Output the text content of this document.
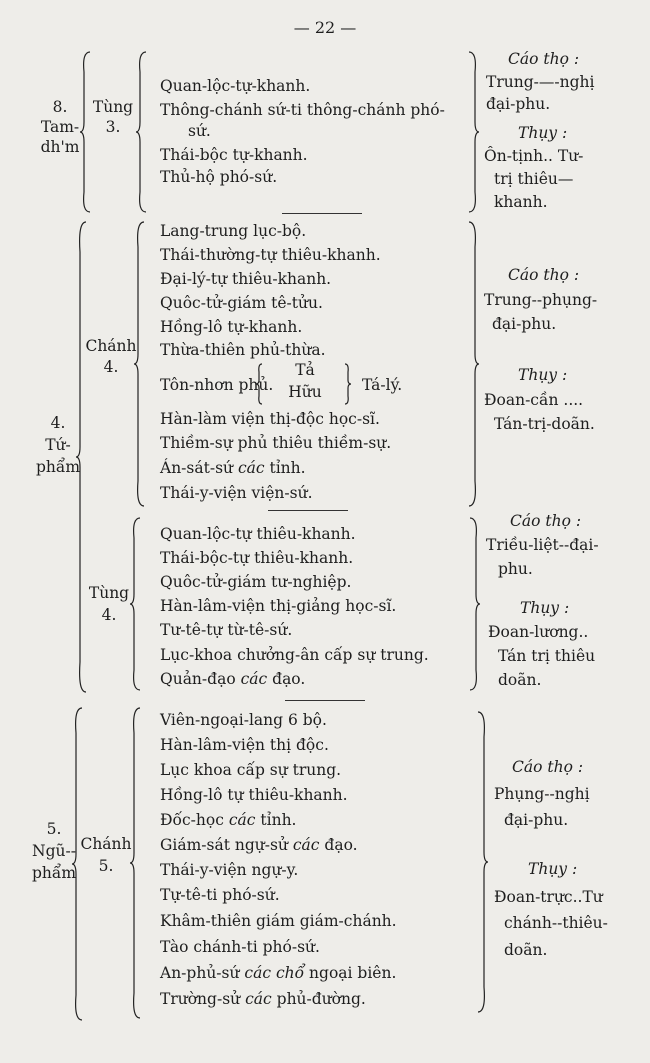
— 22 —
8.
Tam-
dh'm
Tùng
3.
Quan-lộc-tự-khanh.
Thông-chánh sứ-ti thông-chánh phó-
sứ.
Thái-bộc tự-khanh.
Thủ-hộ phó-sứ.
Cáo thọ :
Trung-—-nghị
đại-phu.
Thụy :
Ôn-tịnh.. Tư-
trị thiêu—
khanh.
4.
Tứ-
phẩm
Chánh
4.
Lang-trung lục-bộ.
Thái-thường-tự thiêu-khanh.
Đại-lý-tự thiêu-khanh.
Quôc-tử-giám tê-tửu.
Hồng-lô tự-khanh.
Thừa-thiên phủ-thừa.
Tôn-nhơn phủ.
Tả
Hữu	Tá-lý.
Hàn-làm viện thị-độc học-sĩ.
Thiềm-sự phủ thiêu thiềm-sự.
Án-sát-sứ các tỉnh.
Thái-y-viện viện-sứ.
Cáo thọ :
Trung--phụng-
đại-phu.
Thụy :
Đoan-cần ....
Tán-trị-doãn.
Tùng
4.
Quan-lộc-tự thiêu-khanh.
Thái-bộc-tự thiêu-khanh.
Quôc-tử-giám tư-nghiệp.
Hàn-lâm-viện thị-giảng học-sĩ.
Tư-tê-tự từ-tê-sứ.
Lục-khoa chưởng-ân cấp sự trung.
Quản-đạo các đạo.
Cáo thọ :
Triều-liệt--đại-
phu.
Thụy :
Đoan-lương..
Tán trị thiêu
doãn.
5.
Ngũ--
phẩm
Chánh
5.
Viên-ngoại-lang 6 bộ.
Hàn-lâm-viện thị độc.
Lục khoa cấp sự trung.
Hồng-lô tự thiêu-khanh.
Đốc-học các tỉnh.
Giám-sát ngự-sử các đạo.
Thái-y-viện ngự-y.
Tự-tê-ti phó-sứ.
Khâm-thiên giám giám-chánh.
Tào chánh-ti phó-sứ.
An-phủ-sứ các chổ ngoại biên.
Trường-sử các phủ-đường.
Cáo thọ :
Phụng--nghị
đại-phu.
Thụy :
Đoan-trực..Tư
chánh--thiêu-
doãn.
